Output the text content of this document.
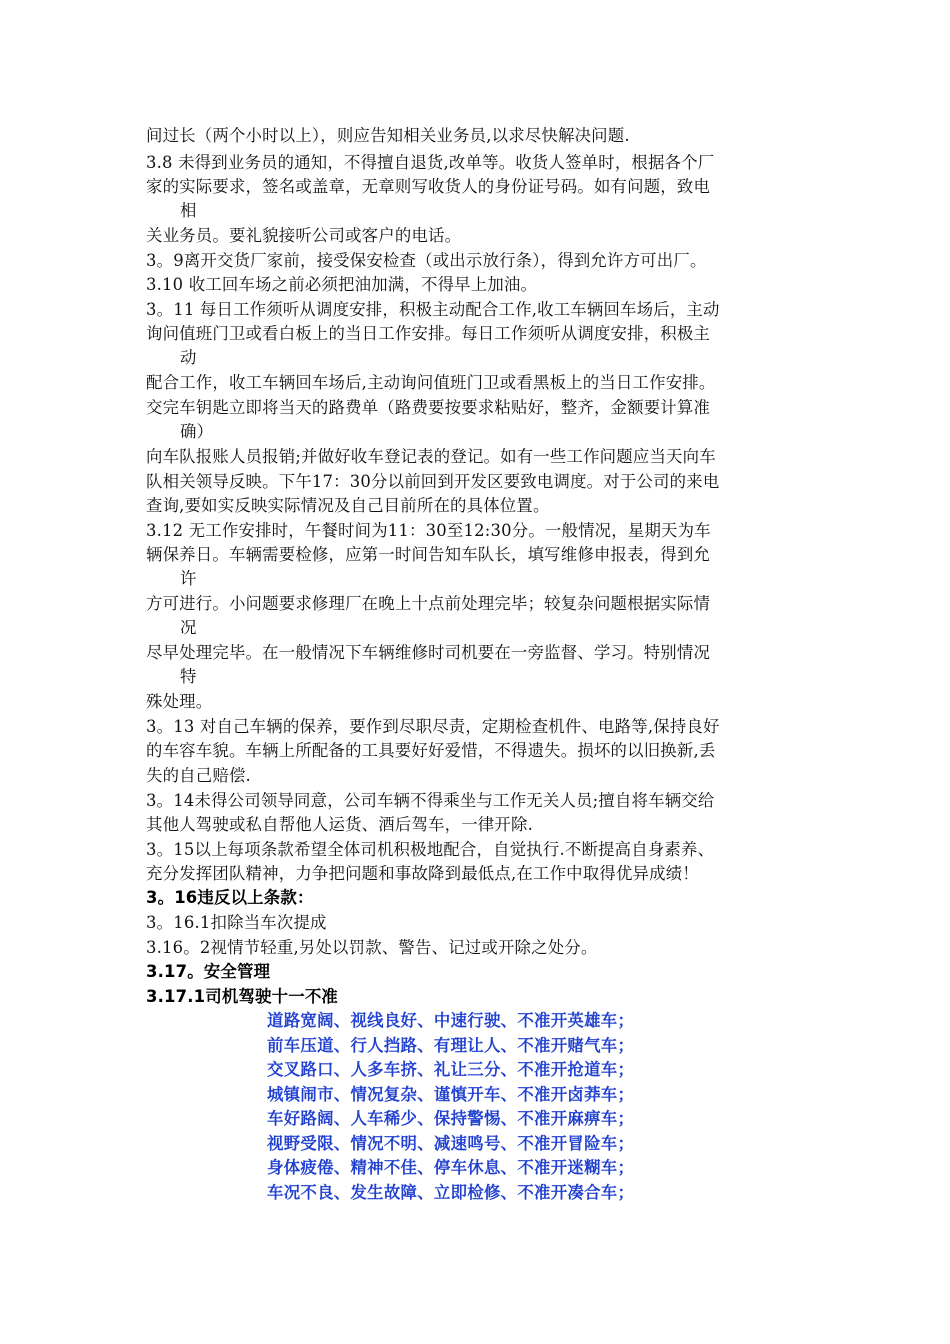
间过长（两个小时以上），则应告知相关业务员,以求尽快解决问题.
3.8 未得到业务员的通知，不得擅自退货,改单等。收货人签单时，根据各个厂
家的实际要求，签名或盖章，无章则写收货人的身份证号码。如有问题，致电
相
关业务员。要礼貌接听公司或客户的电话。
3。9离开交货厂家前，接受保安检查（或出示放行条），得到允许方可出厂。
3.10 收工回车场之前必须把油加满，不得早上加油。
3。11 每日工作须听从调度安排，积极主动配合工作,收工车辆回车场后，主动
询问值班门卫或看白板上的当日工作安排。每日工作须听从调度安排，积极主
动
配合工作，收工车辆回车场后,主动询问值班门卫或看黑板上的当日工作安排。
交完车钥匙立即将当天的路费单（路费要按要求粘贴好，整齐，金额要计算准
确）
向车队报账人员报销;并做好收车登记表的登记。如有一些工作问题应当天向车
队相关领导反映。下午17：30分以前回到开发区要致电调度。对于公司的来电
查询,要如实反映实际情况及自己目前所在的具体位置。
3.12 无工作安排时，午餐时间为11：30至12:30分。一般情况，星期天为车
辆保养日。车辆需要检修，应第一时间告知车队长，填写维修申报表，得到允
许
方可进行。小问题要求修理厂在晚上十点前处理完毕；较复杂问题根据实际情
况
尽早处理完毕。在一般情况下车辆维修时司机要在一旁监督、学习。特别情况
特
殊处理。
3。13 对自己车辆的保养，要作到尽职尽责，定期检查机件、电路等,保持良好
的车容车貌。车辆上所配备的工具要好好爱惜，不得遗失。损坏的以旧换新,丢
失的自己赔偿.
3。14未得公司领导同意，公司车辆不得乘坐与工作无关人员;擅自将车辆交给
其他人驾驶或私自帮他人运货、酒后驾车，一律开除.
3。15以上每项条款希望全体司机积极地配合，自觉执行.不断提高自身素养、
充分发挥团队精神，力争把问题和事故降到最低点,在工作中取得优异成绩！
3。16违反以上条款：
3。16.1扣除当车次提成
3.16。2视情节轻重,另处以罚款、警告、记过或开除之处分。
3.17。安全管理
3.17.1司机驾驶十一不准
道路宽阔、视线良好、中速行驶、不准开英雄车；
前车压道、行人挡路、有理让人、不准开赌气车；
交叉路口、人多车挤、礼让三分、不准开抢道车；
城镇闹市、情况复杂、谨慎开车、不准开卤莽车；
车好路阔、人车稀少、保持警惕、不准开麻痹车；
视野受限、情况不明、减速鸣号、不准开冒险车；
身体疲倦、精神不佳、停车休息、不准开迷糊车；
车况不良、发生故障、立即检修、不准开凑合车；
